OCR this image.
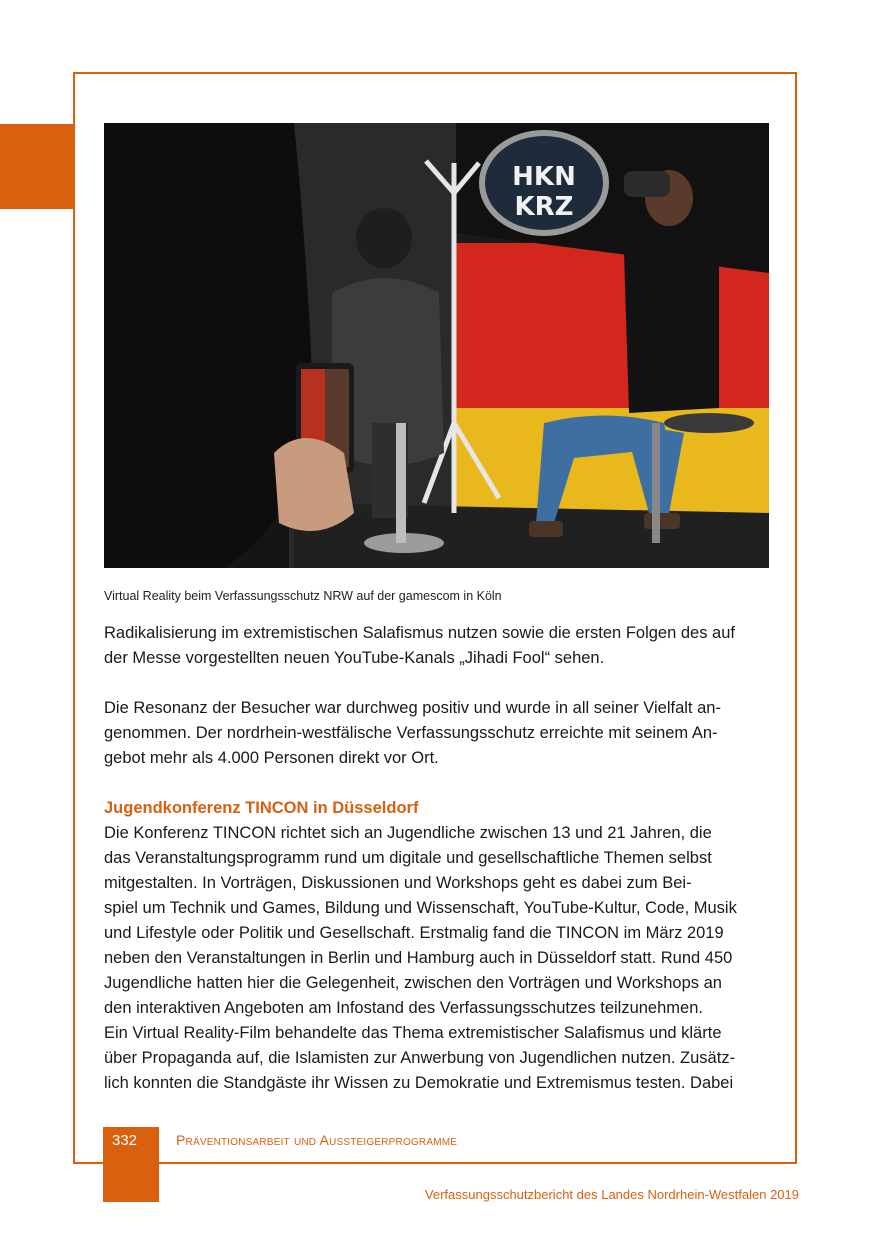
HKN
KRZ
Virtual Reality beim Verfassungsschutz NRW auf der gamescom in Köln
Radikalisierung im extremistischen Salafismus nutzen sowie die ersten Folgen des auf
der Messe vorgestellten neuen YouTube-Kanals „Jihadi Fool“ sehen.
Die Resonanz der Besucher war durchweg positiv und wurde in all seiner Vielfalt an-
genommen. Der nordrhein-westfälische Verfassungsschutz erreichte mit seinem An-
gebot mehr als 4.000 Personen direkt vor Ort.
Jugendkonferenz TINCON in Düsseldorf
Die Konferenz TINCON richtet sich an Jugendliche zwischen 13 und 21 Jahren, die
das Veranstaltungsprogramm rund um digitale und gesellschaftliche Themen selbst
mitgestalten. In Vorträgen, Diskussionen und Workshops geht es dabei zum Bei-
spiel um Technik und Games, Bildung und Wissenschaft, YouTube-Kultur, Code, Musik
und Lifestyle oder Politik und Gesellschaft. Erstmalig fand die TINCON im März 2019
neben den Veranstaltungen in Berlin und Hamburg auch in Düsseldorf statt. Rund 450
Jugendliche hatten hier die Gelegenheit, zwischen den Vorträgen und Workshops an
den interaktiven Angeboten am Infostand des Verfassungsschutzes teilzunehmen.
Ein Virtual Reality-Film behandelte das Thema extremistischer Salafismus und klärte
über Propaganda auf, die Islamisten zur Anwerbung von Jugendlichen nutzen. Zusätz-
lich konnten die Standgäste ihr Wissen zu Demokratie und Extremismus testen. Dabei
332	Präventionsarbeit und Aussteigerprogramme
Verfassungsschutzbericht des Landes Nordrhein-Westfalen 2019
